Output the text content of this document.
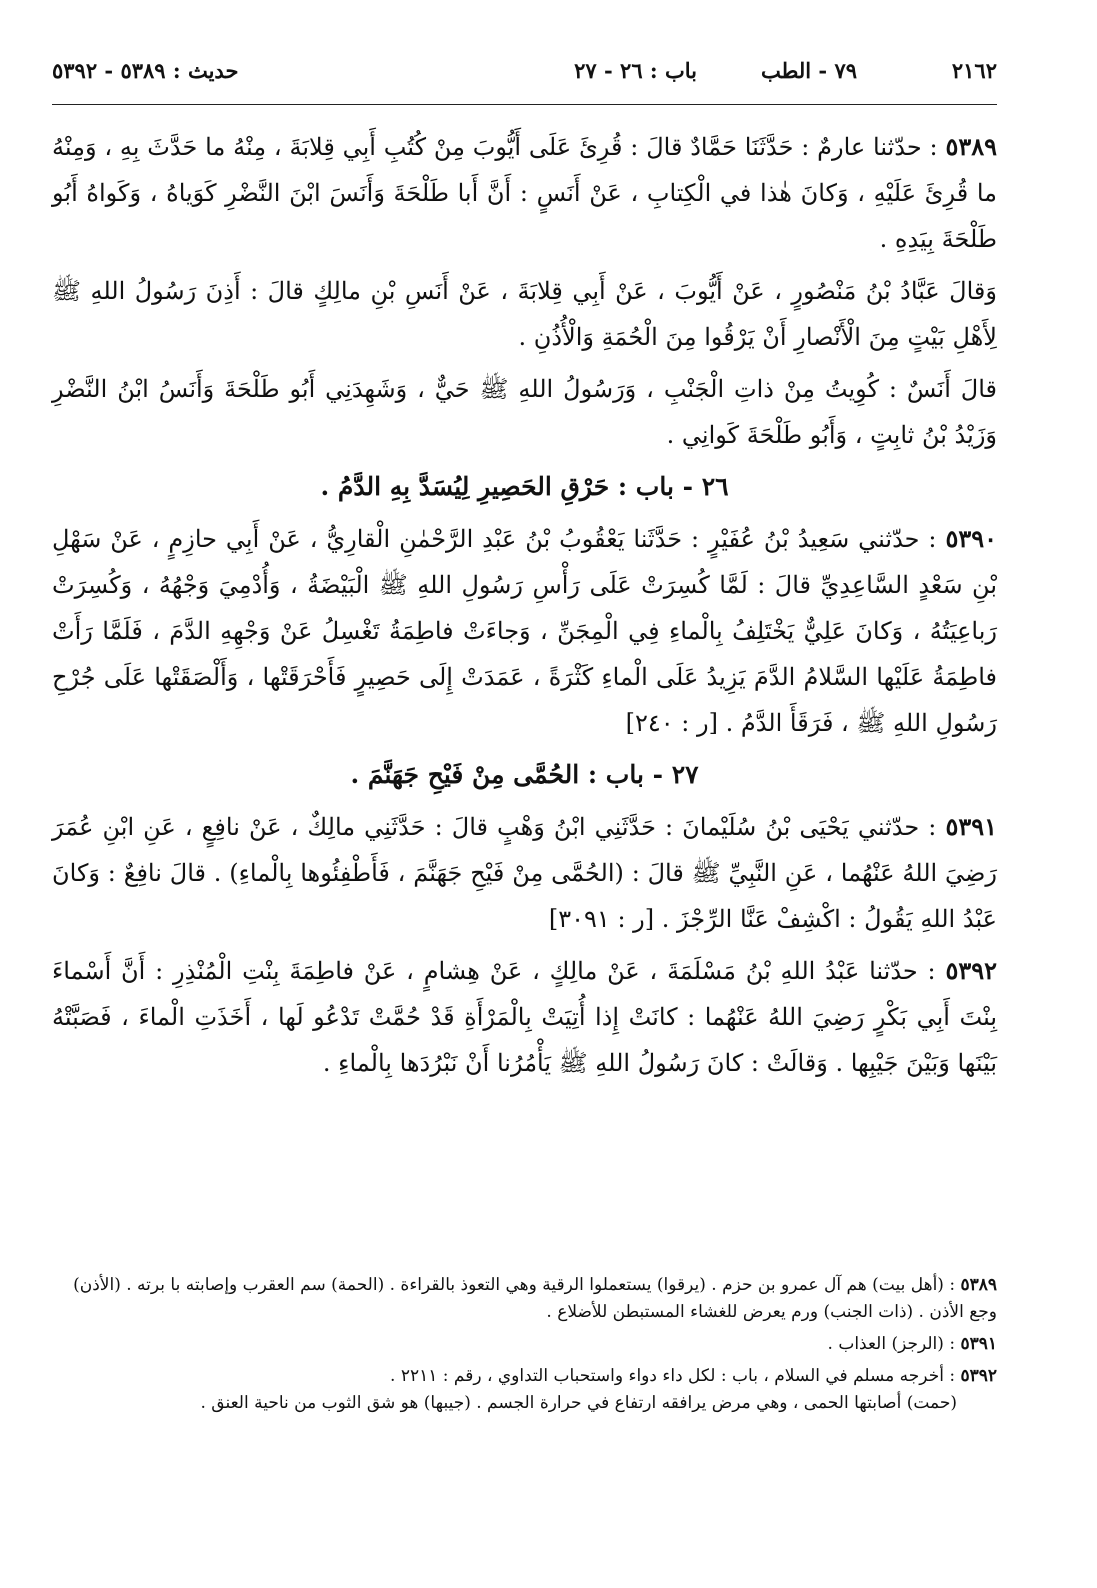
٢١٦٢
٧٩ - الطب
باب : ٢٦ - ٢٧
حديث : ٥٣٨٩ - ٥٣٩٢

٥٣٨٩ : حدّثنا عارمٌ : حَدَّثَنَا حَمَّادٌ قالَ : قُرِئَ عَلَى أَيُّوبَ مِنْ كُتُبِ أَبِي قِلابَةَ ، مِنْهُ ما حَدَّثَ بِهِ ، وَمِنْهُ ما قُرِئَ عَلَيْهِ ، وَكانَ هٰذا في الْكِتابِ ، عَنْ أَنَسٍ : أَنَّ أَبا طَلْحَةَ وَأَنَسَ ابْنَ النَّضْرِ كَوَياهُ ، وَكَواهُ أَبُو طَلْحَةَ بِيَدِهِ .

وَقالَ عَبَّادُ بْنُ مَنْصُورٍ ، عَنْ أَيُّوبَ ، عَنْ أَبِي قِلابَةَ ، عَنْ أَنَسِ بْنِ مالِكٍ قالَ : أَذِنَ رَسُولُ اللهِ ﷺ لِأَهْلِ بَيْتٍ مِنَ الْأَنْصارِ أَنْ يَرْقُوا مِنَ الْحُمَةِ وَالْأُذُنِ .

قالَ أَنَسٌ : كُوِيتُ مِنْ ذاتِ الْجَنْبِ ، وَرَسُولُ اللهِ ﷺ حَيٌّ ، وَشَهِدَنِي أَبُو طَلْحَةَ وَأَنَسُ ابْنُ النَّضْرِ وَزَيْدُ بْنُ ثابِتٍ ، وَأَبُو طَلْحَةَ كَوانِي .

٢٦ - باب : حَرْقِ الحَصِيرِ لِيُسَدَّ بِهِ الدَّمُ .

٥٣٩٠ : حدّثني سَعِيدُ بْنُ عُفَيْرٍ : حَدَّثَنا يَعْقُوبُ بْنُ عَبْدِ الرَّحْمٰنِ الْقارِيُّ ، عَنْ أَبِي حازِمٍ ، عَنْ سَهْلِ بْنِ سَعْدٍ السَّاعِدِيِّ قالَ : لَمَّا كُسِرَتْ عَلَى رَأْسِ رَسُولِ اللهِ ﷺ الْبَيْضَةُ ، وَأُدْمِيَ وَجْهُهُ ، وَكُسِرَتْ رَباعِيَتُهُ ، وَكانَ عَلِيٌّ يَخْتَلِفُ بِالْماءِ فِي الْمِجَنِّ ، وَجاءَتْ فاطِمَةُ تَغْسِلُ عَنْ وَجْهِهِ الدَّمَ ، فَلَمَّا رَأَتْ فاطِمَةُ عَلَيْها السَّلامُ الدَّمَ يَزِيدُ عَلَى الْماءِ كَثْرَةً ، عَمَدَتْ إِلَى حَصِيرٍ فَأَحْرَقَتْها ، وَأَلْصَقَتْها عَلَى جُرْحِ رَسُولِ اللهِ ﷺ ، فَرَقَأَ الدَّمُ . [ر : ٢٤٠]

٢٧ - باب : الحُمَّى مِنْ فَيْحِ جَهَنَّمَ .

٥٣٩١ : حدّثني يَحْيَى بْنُ سُلَيْمانَ : حَدَّثَنِي ابْنُ وَهْبٍ قالَ : حَدَّثَنِي مالِكٌ ، عَنْ نافِعٍ ، عَنِ ابْنِ عُمَرَ رَضِيَ اللهُ عَنْهُما ، عَنِ النَّبِيِّ ﷺ قالَ : (الحُمَّى مِنْ فَيْحِ جَهَنَّمَ ، فَأَطْفِئُوها بِالْماءِ) . قالَ نافِعٌ : وَكانَ عَبْدُ اللهِ يَقُولُ : اكْشِفْ عَنَّا الرِّجْزَ . [ر : ٣٠٩١]

٥٣٩٢ : حدّثنا عَبْدُ اللهِ بْنُ مَسْلَمَةَ ، عَنْ مالِكٍ ، عَنْ هِشامٍ ، عَنْ فاطِمَةَ بِنْتِ الْمُنْذِرِ : أَنَّ أَسْماءَ بِنْتَ أَبِي بَكْرٍ رَضِيَ اللهُ عَنْهُما : كانَتْ إِذا أُتِيَتْ بِالْمَرْأَةِ قَدْ حُمَّتْ تَدْعُو لَها ، أَخَذَتِ الْماءَ ، فَصَبَّتْهُ بَيْنَها وَبَيْنَ جَيْبِها . وَقالَتْ : كانَ رَسُولُ اللهِ ﷺ يَأْمُرُنا أَنْ نَبْرُدَها بِالْماءِ .

٥٣٨٩ : (أهل بيت) هم آل عمرو بن حزم . (يرقوا) يستعملوا الرقية وهي التعوذ بالقراءة . (الحمة) سم العقرب وإصابته با برته . (الأذن) وجع الأذن . (ذات الجنب) ورم يعرض للغشاء المستبطن للأضلاع .

٥٣٩١ : (الرجز) العذاب .

٥٣٩٢ : أخرجه مسلم في السلام ، باب : لكل داء دواء واستحباب التداوي ، رقم : ٢٢١١ .
(حمت) أصابتها الحمى ، وهي مرض يرافقه ارتفاع في حرارة الجسم . (جيبها) هو شق الثوب من ناحية العنق .
